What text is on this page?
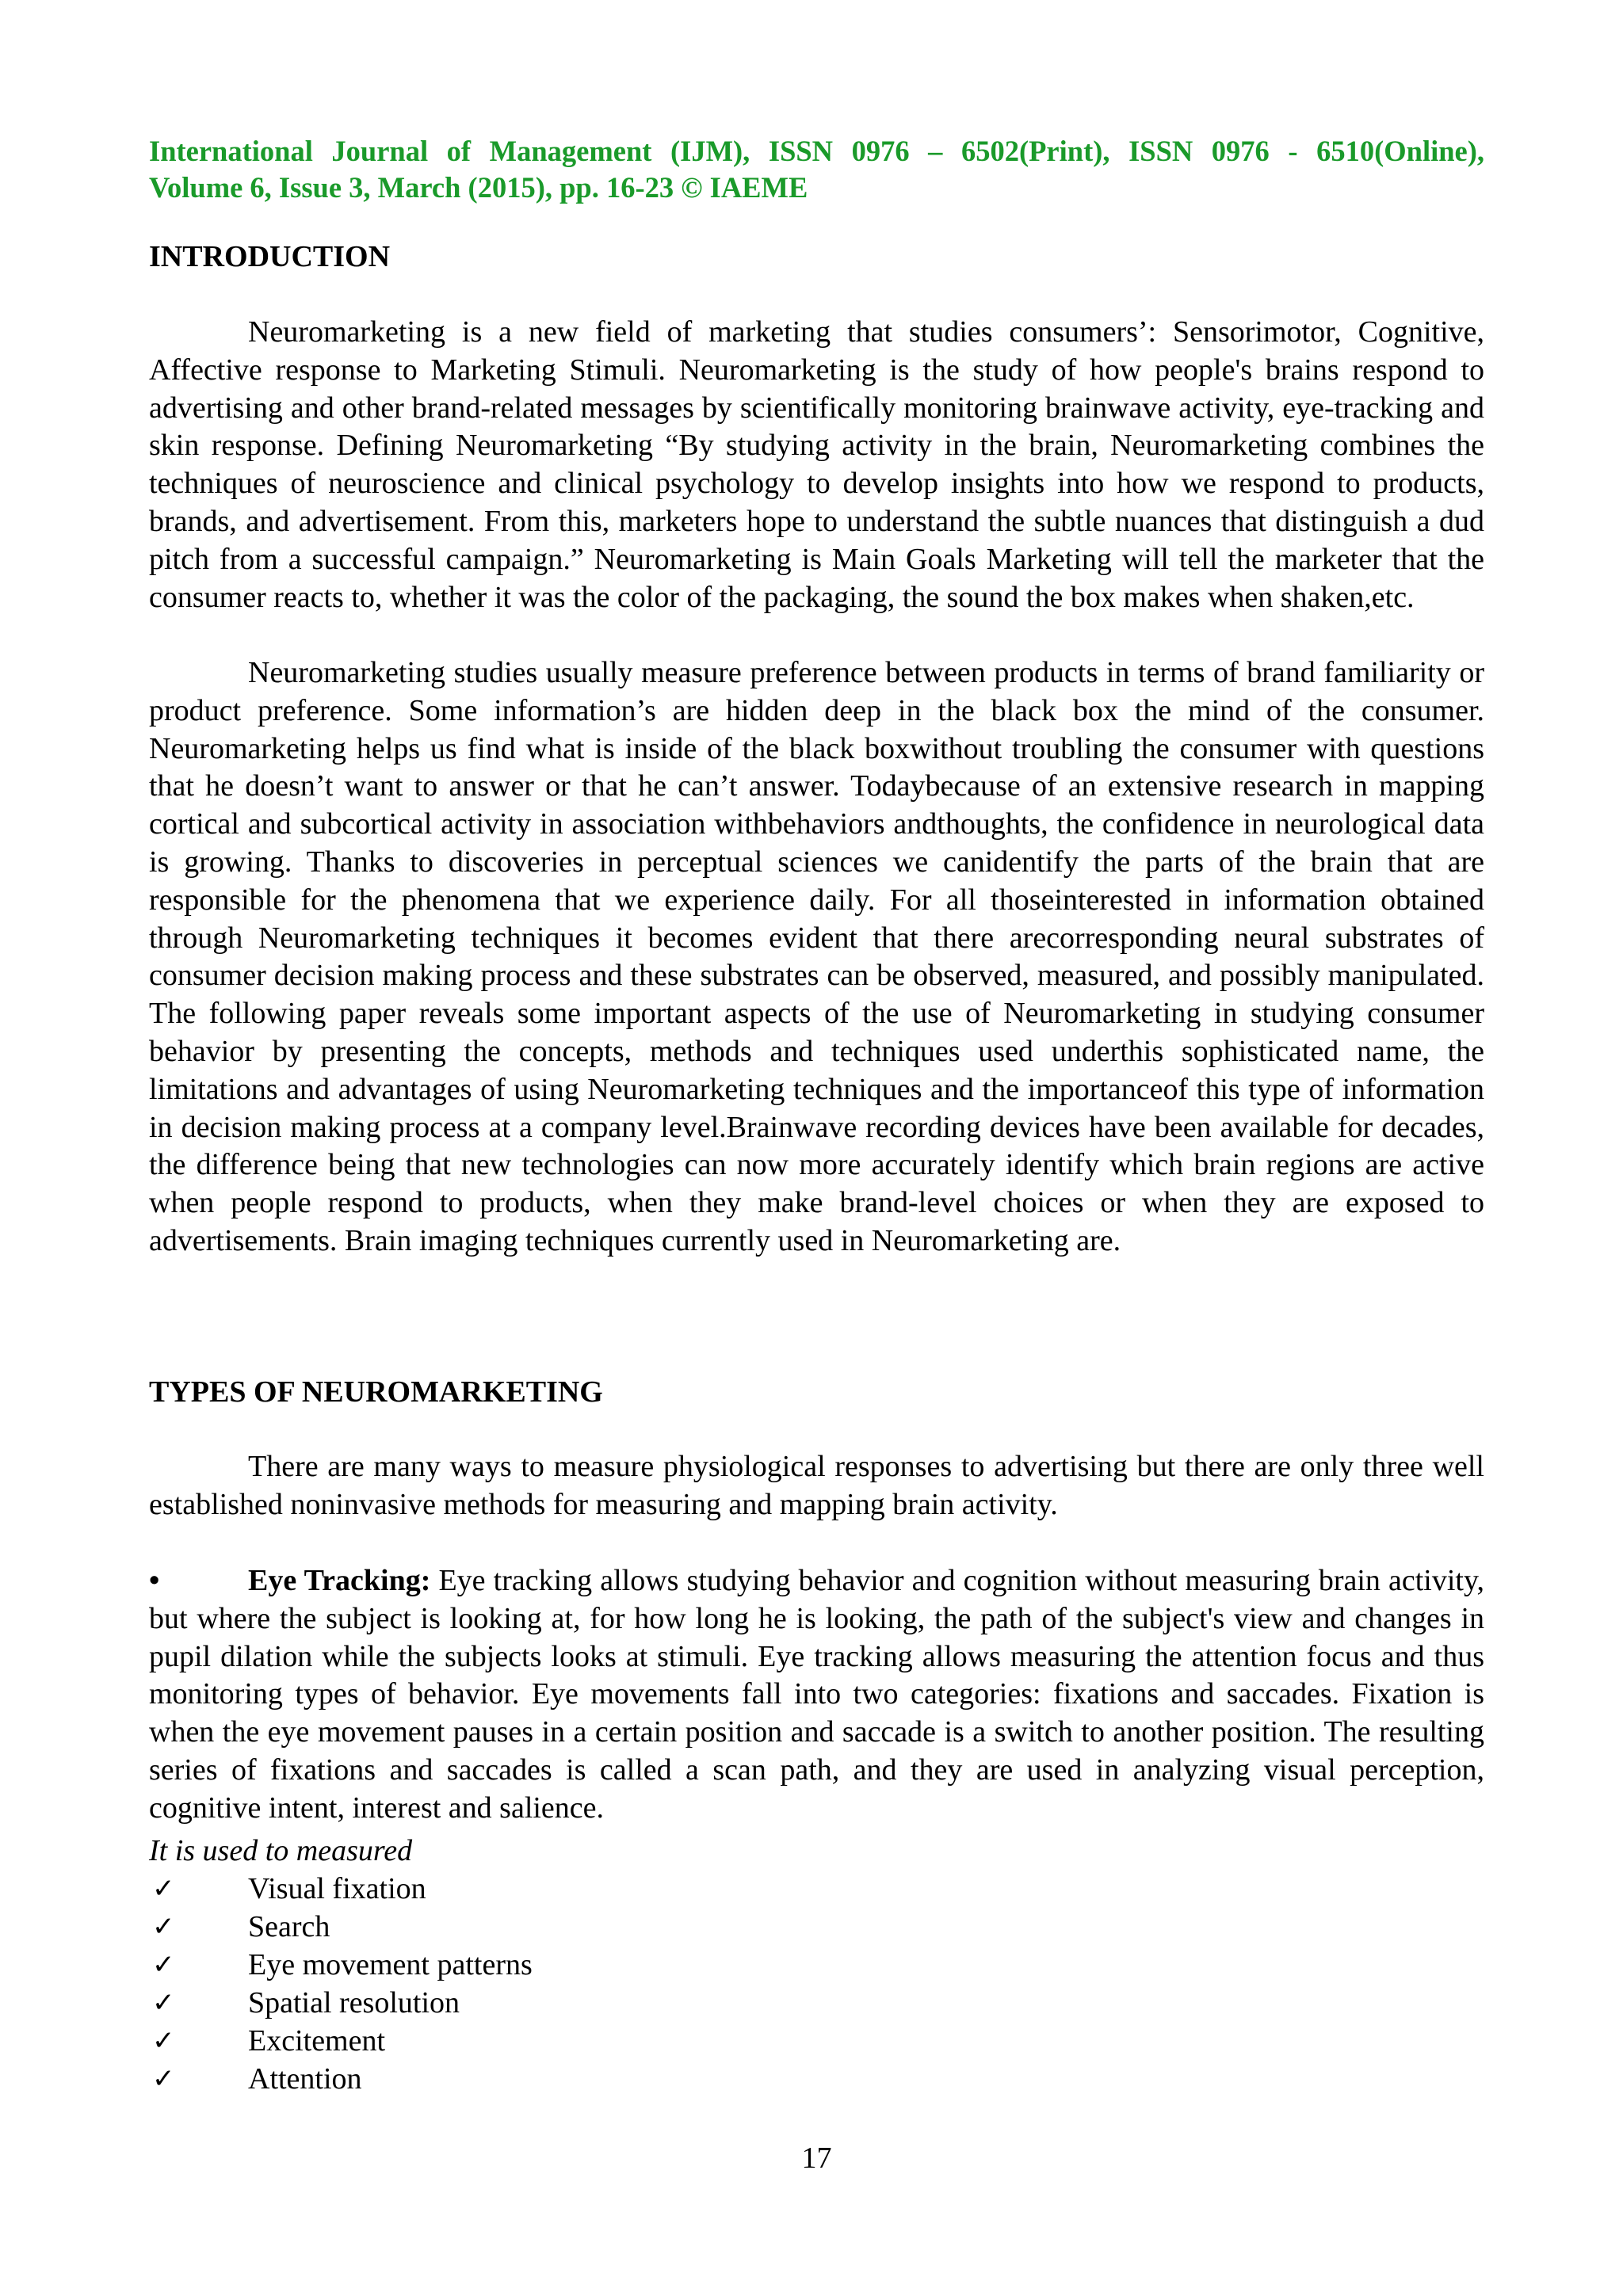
International Journal of Management (IJM), ISSN 0976 – 6502(Print), ISSN 0976 - 6510(Online),
Volume 6, Issue 3, March (2015), pp. 16-23 © IAEME
INTRODUCTION

Neuromarketing is a new field of marketing that studies consumers’: Sensorimotor, Cognitive, Affective response to Marketing Stimuli. Neuromarketing is the study of how people's brains respond to advertising and other brand-related messages by scientifically monitoring brainwave activity, eye-tracking and skin response. Defining Neuromarketing “By studying activity in the brain, Neuromarketing combines the techniques of neuroscience and clinical psychology to develop insights into how we respond to products, brands, and advertisement. From this, marketers hope to understand the subtle nuances that distinguish a dud pitch from a successful campaign.” Neuromarketing is Main Goals Marketing will tell the marketer that the consumer reacts to, whether it was the color of the packaging, the sound the box makes when shaken,etc.

Neuromarketing studies usually measure preference between products in terms of brand familiarity or product preference. Some information’s are hidden deep in the black box the mind of the consumer. Neuromarketing helps us find what is inside of the black boxwithout troubling the consumer with questions that he doesn’t want to answer or that he can’t answer. Todaybecause of an extensive research in mapping cortical and subcortical activity in association withbehaviors andthoughts, the confidence in neurological data is growing. Thanks to discoveries in perceptual sciences we canidentify the parts of the brain that are responsible for the phenomena that we experience daily. For all thoseinterested in information obtained through Neuromarketing techniques it becomes evident that there arecorresponding neural substrates of consumer decision making process and these substrates can be observed, measured, and possibly manipulated. The following paper reveals some important aspects of the use of Neuromarketing in studying consumer behavior by presenting the concepts, methods and techniques used underthis sophisticated name, the limitations and advantages of using Neuromarketing techniques and the importanceof this type of information in decision making process at a company level.Brainwave recording devices have been available for decades, the difference being that new technologies can now more accurately identify which brain regions are active when people respond to products, when they make brand-level choices or when they are exposed to advertisements. Brain imaging techniques currently used in Neuromarketing are.

TYPES OF NEUROMARKETING

There are many ways to measure physiological responses to advertising but there are only three well established noninvasive methods for measuring and mapping brain activity.

•	Eye Tracking: Eye tracking allows studying behavior and cognition without measuring brain activity, but where the subject is looking at, for how long he is looking, the path of the subject's view and changes in pupil dilation while the subjects looks at stimuli. Eye tracking allows measuring the attention focus and thus monitoring types of behavior. Eye movements fall into two categories: fixations and saccades. Fixation is when the eye movement pauses in a certain position and saccade is a switch to another position. The resulting series of fixations and saccades is called a scan path, and they are used in analyzing visual perception, cognitive intent, interest and salience.

It is used to measured
✓ Visual fixation
✓ Search
✓ Eye movement patterns
✓ Spatial resolution
✓ Excitement
✓ Attention
17
